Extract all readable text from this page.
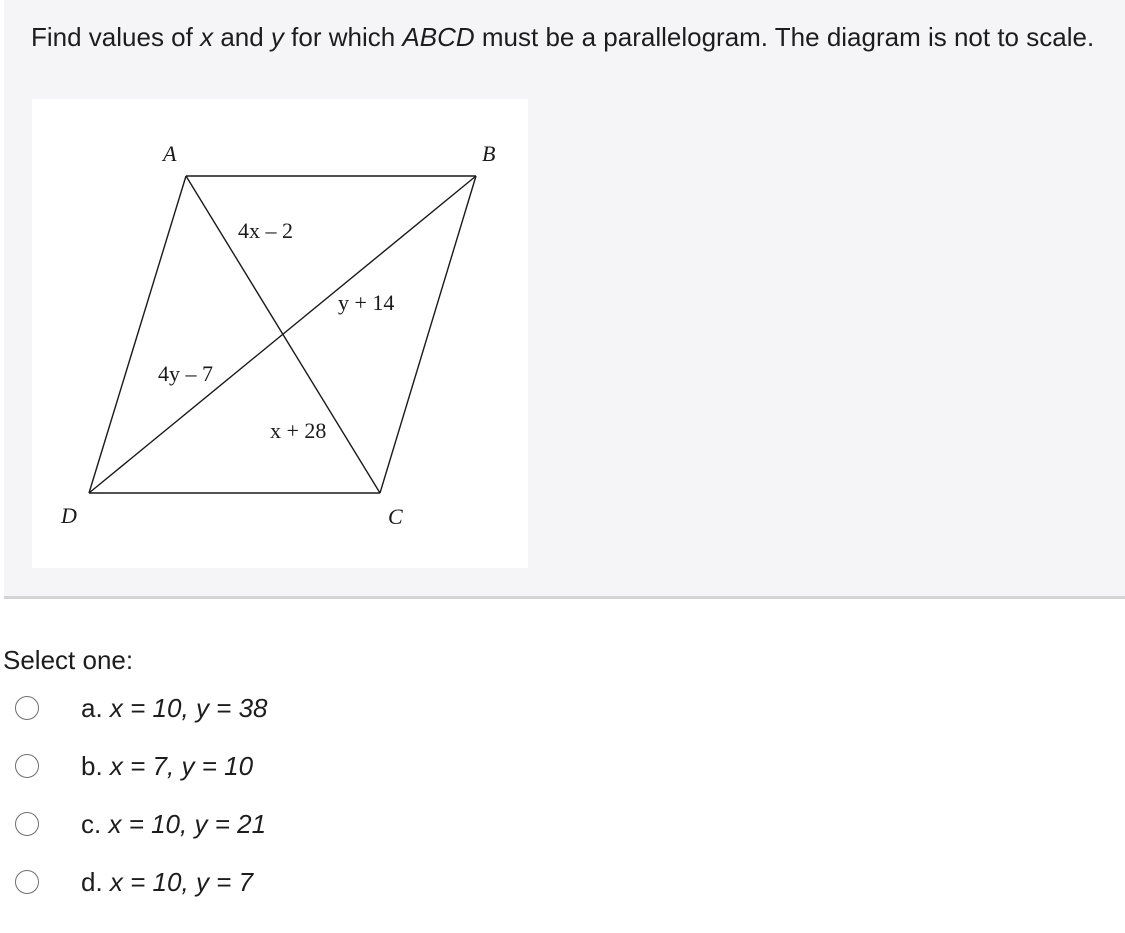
Find values of x and y for which ABCD must be a parallelogram. The diagram is not to scale.

A	B
C
D
4x – 2
y + 14
4y – 7
x + 28

Select one:

a. x = 10, y = 38
b. x = 7, y = 10
c. x = 10, y = 21
d. x = 10, y = 7
